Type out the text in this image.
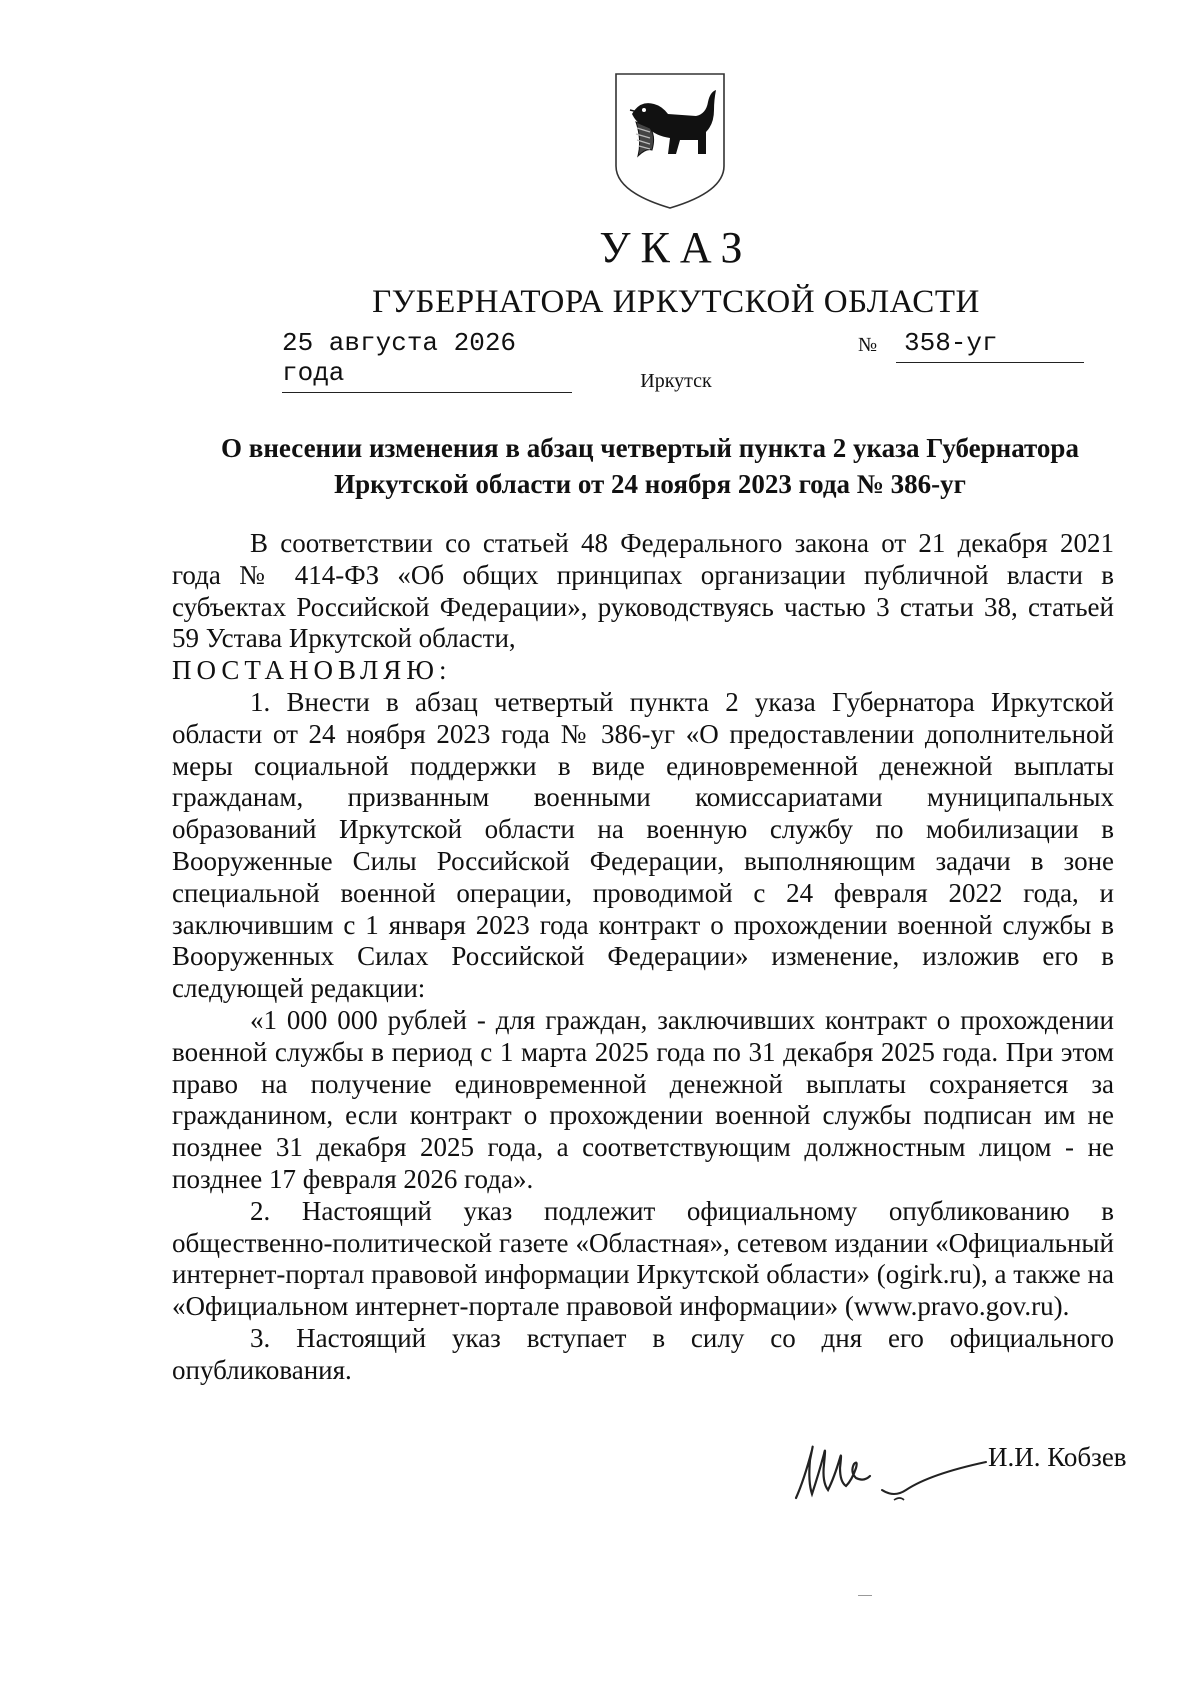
УКАЗ
ГУБЕРНАТОРА ИРКУТСКОЙ ОБЛАСТИ
25 августа 2026 года
№	358-уг
Иркутск
О внесении изменения в абзац четвертый пункта 2 указа Губернатора
Иркутской области от 24 ноября 2023 года № 386-уг

В соответствии со статьей 48 Федерального закона от 21 декабря 2021 года № 414-ФЗ «Об общих принципах организации публичной власти в субъектах Российской Федерации», руководствуясь частью 3 статьи 38, статьей 59 Устава Иркутской области,

ПОСТАНОВЛЯЮ:

1. Внести в абзац четвертый пункта 2 указа Губернатора Иркутской области от 24 ноября 2023 года № 386-уг «О предоставлении дополнительной меры социальной поддержки в виде единовременной денежной выплаты гражданам, призванным военными комиссариатами муниципальных образований Иркутской области на военную службу по мобилизации в Вооруженные Силы Российской Федерации, выполняющим задачи в зоне специальной военной операции, проводимой с 24 февраля 2022 года, и заключившим с 1 января 2023 года контракт о прохождении военной службы в Вооруженных Силах Российской Федерации» изменение, изложив его в следующей редакции:

«1 000 000 рублей - для граждан, заключивших контракт о прохождении военной службы в период с 1 марта 2025 года по 31 декабря 2025 года. При этом право на получение единовременной денежной выплаты сохраняется за гражданином, если контракт о прохождении военной службы подписан им не позднее 31 декабря 2025 года, а соответствующим должностным лицом - не позднее 17 февраля 2026 года».

2. Настоящий указ подлежит официальному опубликованию в общественно-политической газете «Областная», сетевом издании «Официальный интернет-портал правовой информации Иркутской области» (ogirk.ru), а также на «Официальном интернет-портале правовой информации» (www.pravo.gov.ru).

3. Настоящий указ вступает в силу со дня его официального опубликования.

И.И. Кобзев
